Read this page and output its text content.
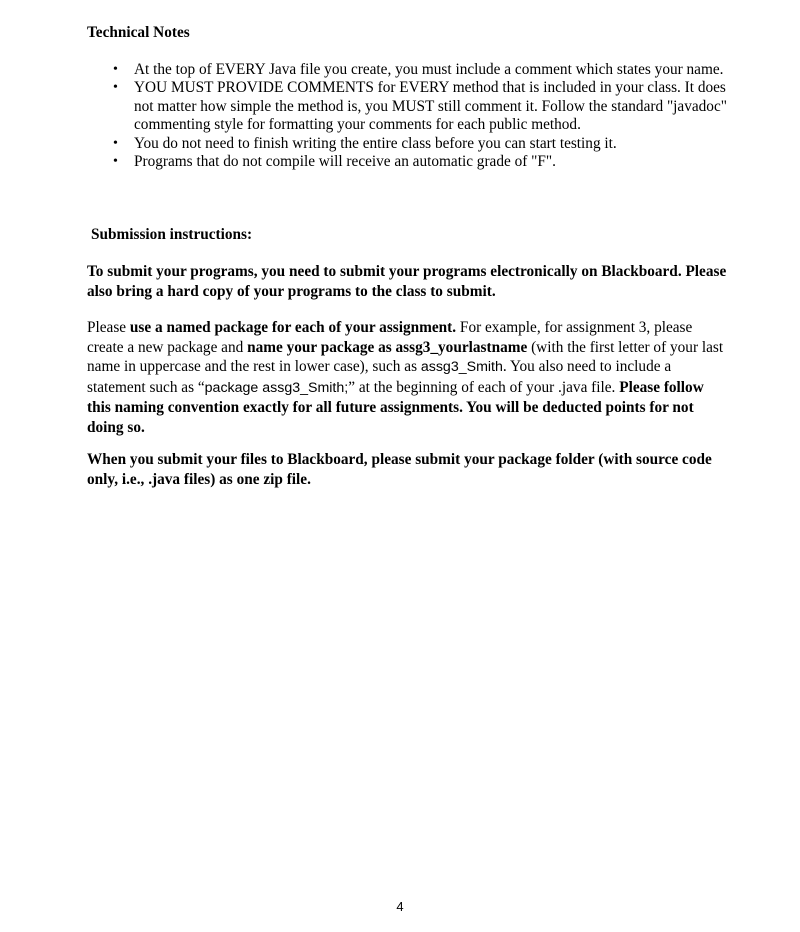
Technical Notes
• At the top of EVERY Java file you create, you must include a comment which states your name.
• YOU MUST PROVIDE COMMENTS for EVERY method that is included in your class. It does not matter how simple the method is, you MUST still comment it. Follow the standard "javadoc" commenting style for formatting your comments for each public method.
• You do not need to finish writing the entire class before you can start testing it.
• Programs that do not compile will receive an automatic grade of "F".
Submission instructions:

To submit your programs, you need to submit your programs electronically on Blackboard. Please also bring a hard copy of your programs to the class to submit.

Please use a named package for each of your assignment. For example, for assignment 3, please create a new package and name your package as assg3_yourlastname (with the first letter of your last name in uppercase and the rest in lower case), such as assg3_Smith. You also need to include a statement such as “package assg3_Smith;” at the beginning of each of your .java file. Please follow this naming convention exactly for all future assignments. You will be deducted points for not doing so.

When you submit your files to Blackboard, please submit your package folder (with source code only, i.e., .java files) as one zip file.

4
